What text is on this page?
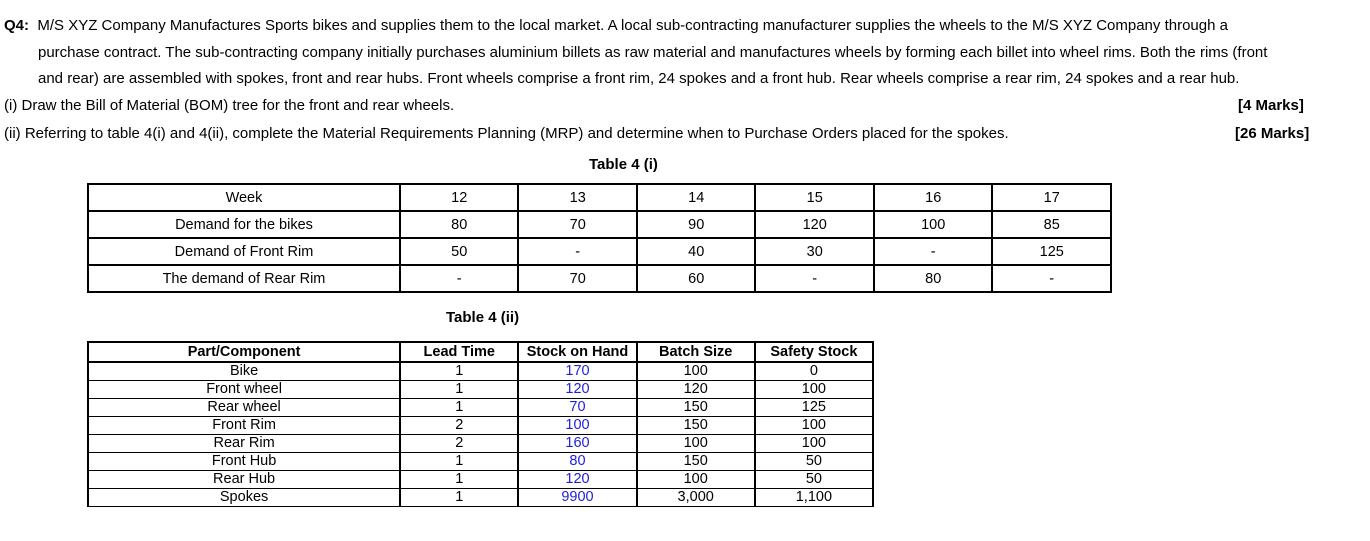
Q4: M/S XYZ Company Manufactures Sports bikes and supplies them to the local market. A local sub-contracting manufacturer supplies the wheels to the M/S XYZ Company through a
purchase contract. The sub-contracting company initially purchases aluminium billets as raw material and manufactures wheels by forming each billet into wheel rims. Both the rims (front
and rear) are assembled with spokes, front and rear hubs. Front wheels comprise a front rim, 24 spokes and a front hub. Rear wheels comprise a rear rim, 24 spokes and a rear hub.
(i) Draw the Bill of Material (BOM) tree for the front and rear wheels.	[4 Marks]
(ii) Referring to table 4(i) and 4(ii), complete the Material Requirements Planning (MRP) and determine when to Purchase Orders placed for the spokes.	[26 Marks]
Table 4 (i)
Week	12	13	14	15	16	17
Demand for the bikes	80	70	90	120	100	85
Demand of Front Rim	50	-	40	30	-	125
The demand of Rear Rim	-	70	60	-	80	-
Table 4 (ii)
Part/Component	Lead Time	Stock on Hand	Batch Size	Safety Stock
Bike	1	170	100	0
Front wheel	1	120	120	100
Rear wheel	1	70	150	125
Front Rim	2	100	150	100
Rear Rim	2	160	100	100
Front Hub	1	80	150	50
Rear Hub	1	120	100	50
Spokes	1	9900	3,000	1,100
